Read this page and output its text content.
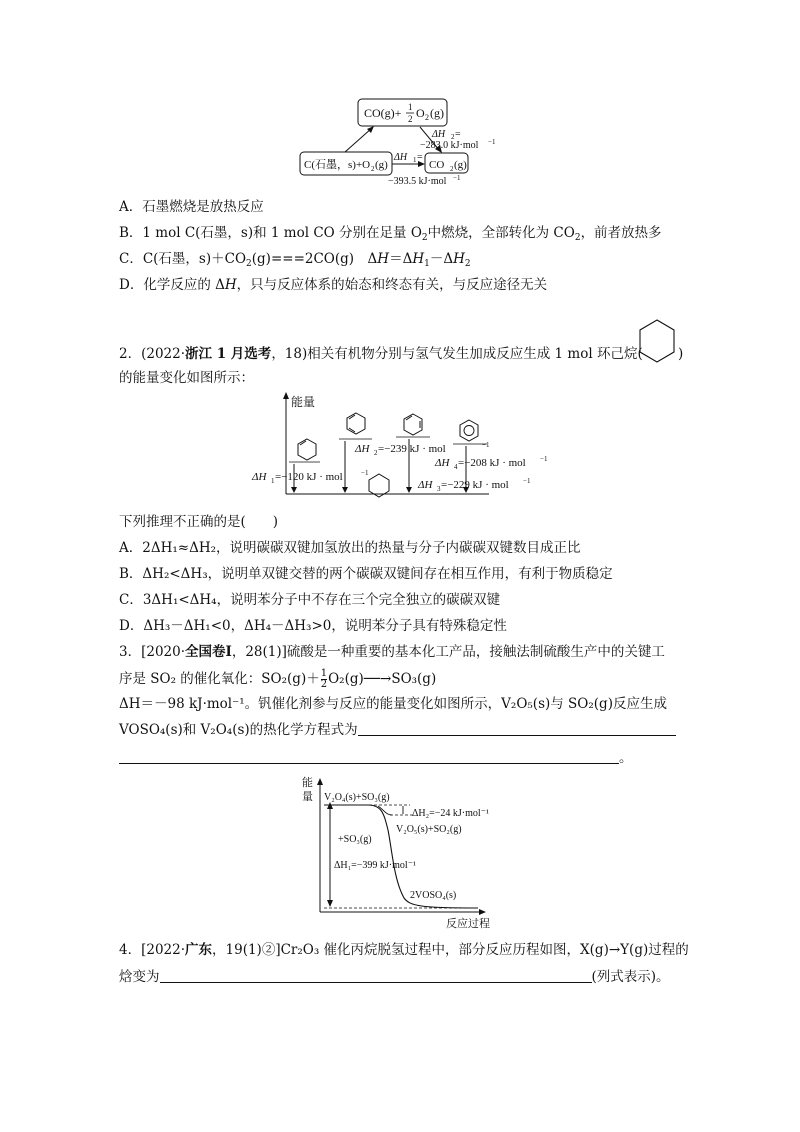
CO(g)+ 1
2 O 2 (g)
C(石墨，s)+O 2 (g)	CO 2 (g)
ΔH 2 =
−283.0 kJ·mol −1
ΔH 1 =
−393.5 kJ·mol −1
A．石墨燃烧是放热反应
B．1 mol C(石墨，s)和 1 mol CO 分别在足量 $O_2$中燃烧，全部转化为 $CO_2$，前者放热多
C．C(石墨，$s)+CO_2(g)===2CO(g)$　$\Delta H=\Delta H_1-\Delta H_2$
D．化学反应的 ΔH，只与反应体系的始态和终态有关，与反应途径无关
2．(2022·浙江 1 月选考，18)相关有机物分别与氢气发生加成反应生成 1 mol 环己烷(	)
的能量变化如图所示：
能量
ΔH 1 =−120 kJ · mol	−1
ΔH 2 =−239 kJ · mol	−1
ΔH 4 =−208 kJ · mol −1
ΔH 3 =−229 kJ · mol −1
下列推理不正确的是(　　)
A．2ΔH₁≈ΔH₂，说明碳碳双键加氢放出的热量与分子内碳碳双键数目成正比
B．ΔH₂<ΔH₃，说明单双键交替的两个碳碳双键间存在相互作用，有利于物质稳定
C．3ΔH₁<ΔH₄，说明苯分子中不存在三个完全独立的碳碳双键
D．ΔH₃－ΔH₁<0，ΔH₄－ΔH₃>0，说明苯分子具有特殊稳定性
3．[2020·全国卷Ⅰ，28(1)]硫酸是一种重要的基本化工产品，接触法制硫酸生产中的关键工
序是 SO₂ 的催化氧化：$SO_2(g)+ \frac{1}{2}$ O₂(g)──→SO₃(g)
ΔH＝－98 kJ·mol⁻¹。钒催化剂参与反应的能量变化如图所示，V₂O₅(s)与 SO₂(g)反应生成
VOSO₄(s)和 V₂O₄(s)的热化学方程式为
。
能
量
反应过程
V₂O₄(s)+SO₃(g)
ΔH₂=−24 kJ·mol⁻¹
V₂O₅(s)+SO₂(g)
+SO₃(g)
ΔH₁=−399 kJ·mol⁻¹
2VOSO₄(s)
4．[2022·广东，19(1)②]Cr₂O₃ 催化丙烷脱氢过程中，部分反应历程如图，X(g)→Y(g)过程的
焓变为	(列式表示)。
